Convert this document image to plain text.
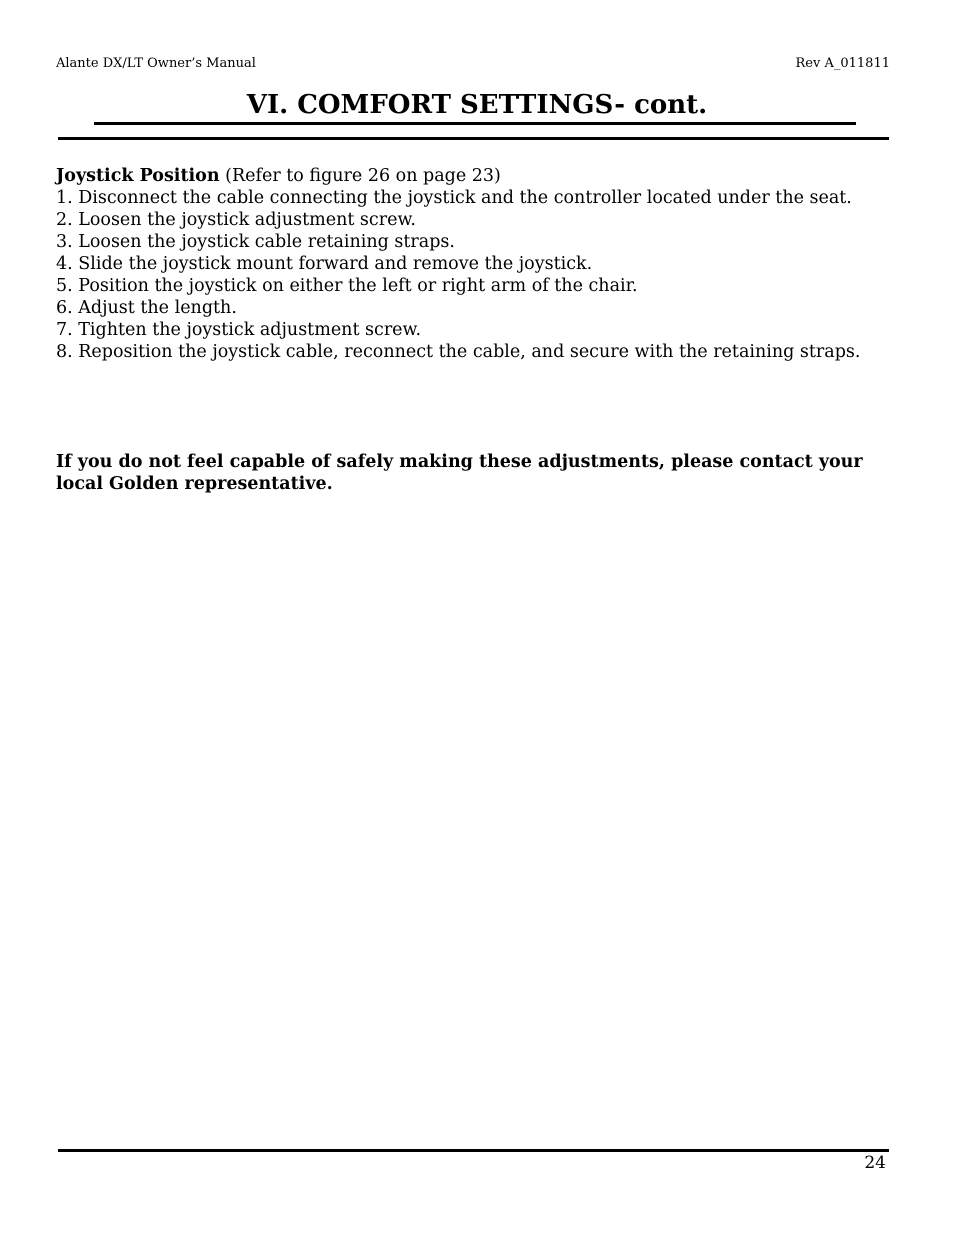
Alante DX/LT Owner’s Manual	Rev A_011811
VI. COMFORT SETTINGS- cont.
Joystick Position (Refer to figure 26 on page 23)
1. Disconnect the cable connecting the joystick and the controller located under the seat.
2. Loosen the joystick adjustment screw.
3. Loosen the joystick cable retaining straps.
4. Slide the joystick mount forward and remove the joystick.
5. Position the joystick on either the left or right arm of the chair.
6. Adjust the length.
7. Tighten the joystick adjustment screw.
8. Reposition the joystick cable, reconnect the cable, and secure with the retaining straps.
If you do not feel capable of safely making these adjustments, please contact your local Golden representative.
24
